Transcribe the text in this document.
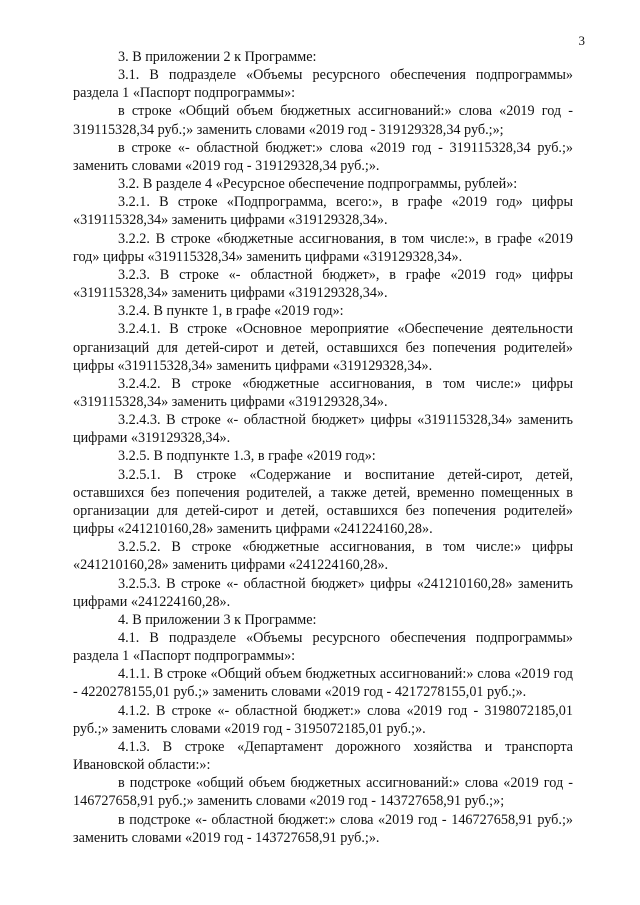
3

3. В приложении 2 к Программе:

3.1. В подразделе «Объемы ресурсного обеспечения подпрограммы» раздела 1 «Паспорт подпрограммы»:

в строке «Общий объем бюджетных ассигнований:» слова «2019 год - 319115328,34 руб.;» заменить словами «2019 год - 319129328,34 руб.;»;

в строке «- областной бюджет:» слова «2019 год - 319115328,34 руб.;» заменить словами «2019 год - 319129328,34 руб.;».

3.2. В разделе 4 «Ресурсное обеспечение подпрограммы, рублей»:

3.2.1. В строке «Подпрограмма, всего:», в графе «2019 год» цифры «319115328,34» заменить цифрами «319129328,34».

3.2.2. В строке «бюджетные ассигнования, в том числе:», в графе «2019 год» цифры «319115328,34» заменить цифрами «319129328,34».

3.2.3. В строке «- областной бюджет», в графе «2019 год» цифры «319115328,34» заменить цифрами «319129328,34».

3.2.4. В пункте 1, в графе «2019 год»:

3.2.4.1. В строке «Основное мероприятие «Обеспечение деятельности организаций для детей-сирот и детей, оставшихся без попечения родителей» цифры «319115328,34» заменить цифрами «319129328,34».

3.2.4.2. В строке «бюджетные ассигнования, в том числе:» цифры «319115328,34» заменить цифрами «319129328,34».

3.2.4.3. В строке «- областной бюджет» цифры «319115328,34» заменить цифрами «319129328,34».

3.2.5. В подпункте 1.3, в графе «2019 год»:

3.2.5.1. В строке «Содержание и воспитание детей-сирот, детей, оставшихся без попечения родителей, а также детей, временно помещенных в организации для детей-сирот и детей, оставшихся без попечения родителей» цифры «241210160,28» заменить цифрами «241224160,28».

3.2.5.2. В строке «бюджетные ассигнования, в том числе:» цифры «241210160,28» заменить цифрами «241224160,28».

3.2.5.3. В строке «- областной бюджет» цифры «241210160,28» заменить цифрами «241224160,28».

4. В приложении 3 к Программе:

4.1. В подразделе «Объемы ресурсного обеспечения подпрограммы» раздела 1 «Паспорт подпрограммы»:

4.1.1. В строке «Общий объем бюджетных ассигнований:» слова «2019 год - 4220278155,01 руб.;» заменить словами «2019 год - 4217278155,01 руб.;».

4.1.2. В строке «- областной бюджет:» слова «2019 год - 3198072185,01 руб.;» заменить словами «2019 год - 3195072185,01 руб.;».

4.1.3. В строке «Департамент дорожного хозяйства и транспорта Ивановской области:»:

в подстроке «общий объем бюджетных ассигнований:» слова «2019 год - 146727658,91 руб.;» заменить словами «2019 год - 143727658,91 руб.;»;

в подстроке «- областной бюджет:» слова «2019 год - 146727658,91 руб.;» заменить словами «2019 год - 143727658,91 руб.;».
